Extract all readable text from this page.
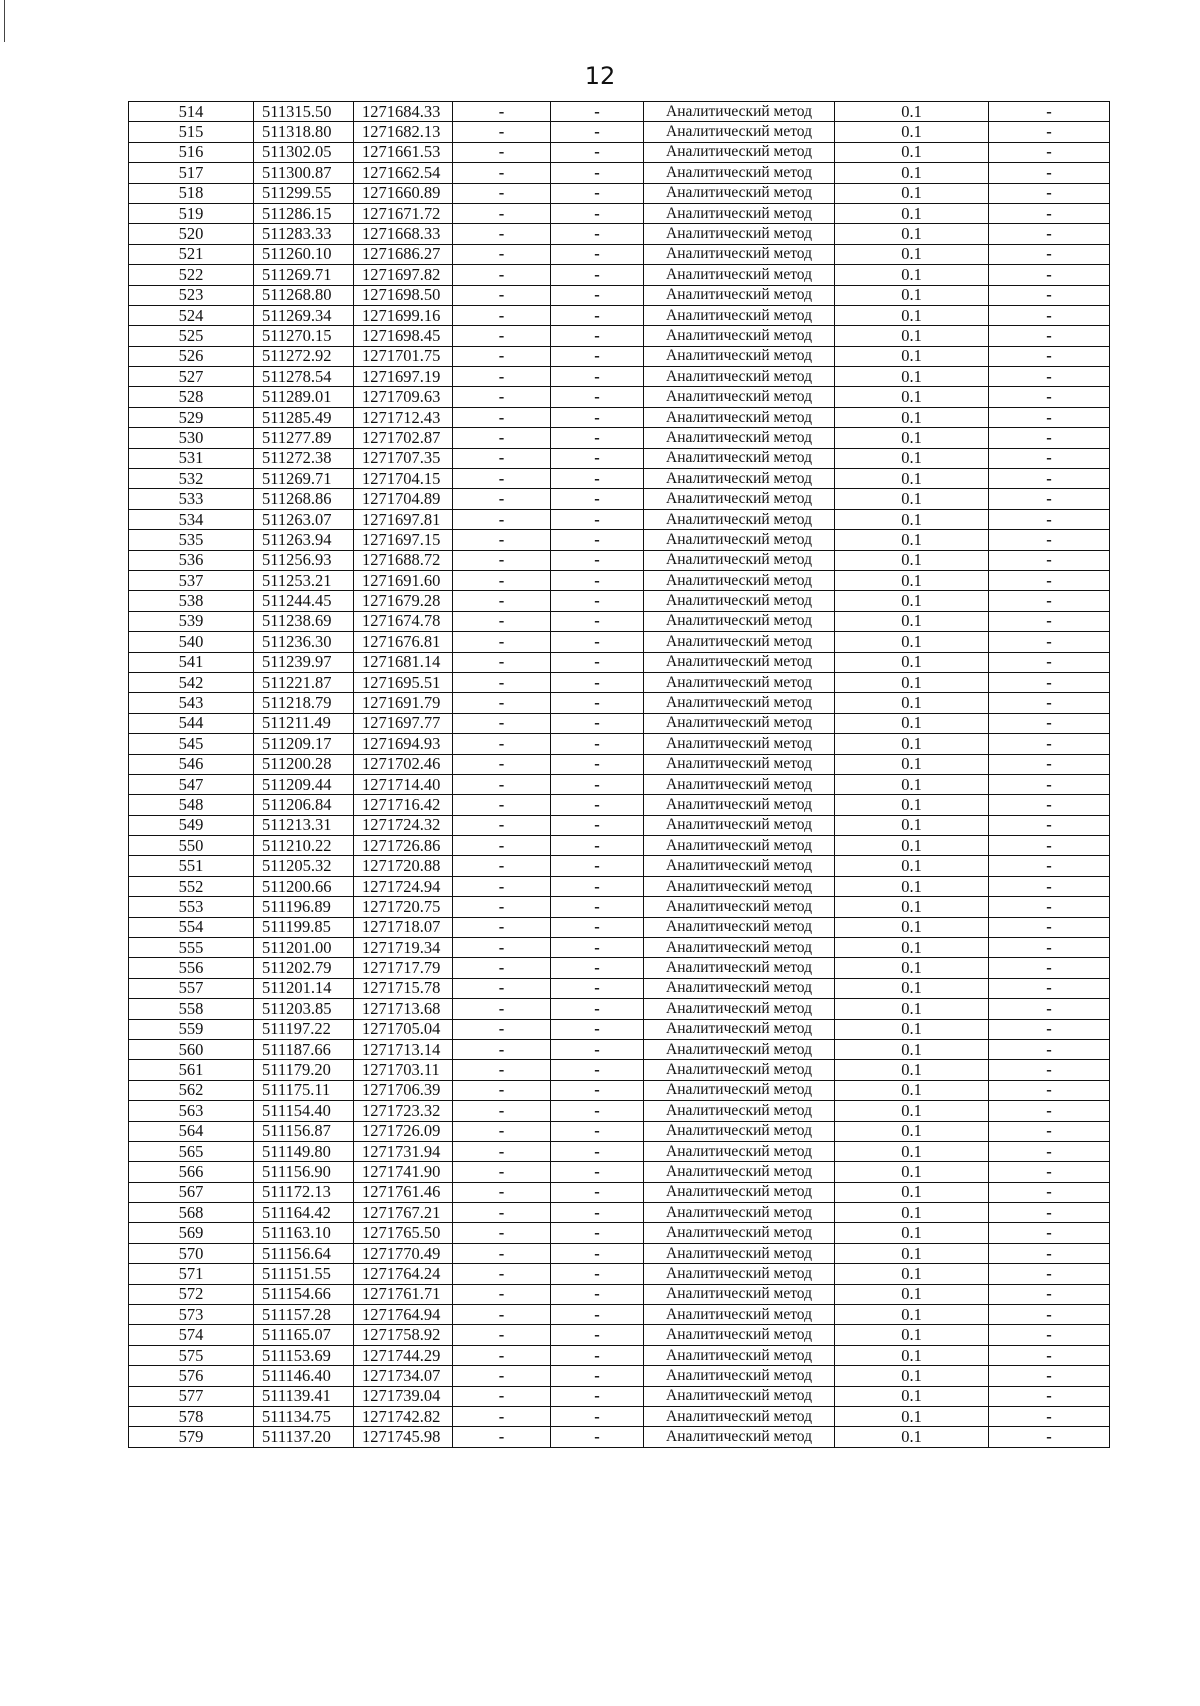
12
514	511315.50	1271684.33	-	-	Аналитический метод	0.1	-
515	511318.80	1271682.13	-	-	Аналитический метод	0.1	-
516	511302.05	1271661.53	-	-	Аналитический метод	0.1	-
517	511300.87	1271662.54	-	-	Аналитический метод	0.1	-
518	511299.55	1271660.89	-	-	Аналитический метод	0.1	-
519	511286.15	1271671.72	-	-	Аналитический метод	0.1	-
520	511283.33	1271668.33	-	-	Аналитический метод	0.1	-
521	511260.10	1271686.27	-	-	Аналитический метод	0.1	-
522	511269.71	1271697.82	-	-	Аналитический метод	0.1	-
523	511268.80	1271698.50	-	-	Аналитический метод	0.1	-
524	511269.34	1271699.16	-	-	Аналитический метод	0.1	-
525	511270.15	1271698.45	-	-	Аналитический метод	0.1	-
526	511272.92	1271701.75	-	-	Аналитический метод	0.1	-
527	511278.54	1271697.19	-	-	Аналитический метод	0.1	-
528	511289.01	1271709.63	-	-	Аналитический метод	0.1	-
529	511285.49	1271712.43	-	-	Аналитический метод	0.1	-
530	511277.89	1271702.87	-	-	Аналитический метод	0.1	-
531	511272.38	1271707.35	-	-	Аналитический метод	0.1	-
532	511269.71	1271704.15	-	-	Аналитический метод	0.1	-
533	511268.86	1271704.89	-	-	Аналитический метод	0.1	-
534	511263.07	1271697.81	-	-	Аналитический метод	0.1	-
535	511263.94	1271697.15	-	-	Аналитический метод	0.1	-
536	511256.93	1271688.72	-	-	Аналитический метод	0.1	-
537	511253.21	1271691.60	-	-	Аналитический метод	0.1	-
538	511244.45	1271679.28	-	-	Аналитический метод	0.1	-
539	511238.69	1271674.78	-	-	Аналитический метод	0.1	-
540	511236.30	1271676.81	-	-	Аналитический метод	0.1	-
541	511239.97	1271681.14	-	-	Аналитический метод	0.1	-
542	511221.87	1271695.51	-	-	Аналитический метод	0.1	-
543	511218.79	1271691.79	-	-	Аналитический метод	0.1	-
544	511211.49	1271697.77	-	-	Аналитический метод	0.1	-
545	511209.17	1271694.93	-	-	Аналитический метод	0.1	-
546	511200.28	1271702.46	-	-	Аналитический метод	0.1	-
547	511209.44	1271714.40	-	-	Аналитический метод	0.1	-
548	511206.84	1271716.42	-	-	Аналитический метод	0.1	-
549	511213.31	1271724.32	-	-	Аналитический метод	0.1	-
550	511210.22	1271726.86	-	-	Аналитический метод	0.1	-
551	511205.32	1271720.88	-	-	Аналитический метод	0.1	-
552	511200.66	1271724.94	-	-	Аналитический метод	0.1	-
553	511196.89	1271720.75	-	-	Аналитический метод	0.1	-
554	511199.85	1271718.07	-	-	Аналитический метод	0.1	-
555	511201.00	1271719.34	-	-	Аналитический метод	0.1	-
556	511202.79	1271717.79	-	-	Аналитический метод	0.1	-
557	511201.14	1271715.78	-	-	Аналитический метод	0.1	-
558	511203.85	1271713.68	-	-	Аналитический метод	0.1	-
559	511197.22	1271705.04	-	-	Аналитический метод	0.1	-
560	511187.66	1271713.14	-	-	Аналитический метод	0.1	-
561	511179.20	1271703.11	-	-	Аналитический метод	0.1	-
562	511175.11	1271706.39	-	-	Аналитический метод	0.1	-
563	511154.40	1271723.32	-	-	Аналитический метод	0.1	-
564	511156.87	1271726.09	-	-	Аналитический метод	0.1	-
565	511149.80	1271731.94	-	-	Аналитический метод	0.1	-
566	511156.90	1271741.90	-	-	Аналитический метод	0.1	-
567	511172.13	1271761.46	-	-	Аналитический метод	0.1	-
568	511164.42	1271767.21	-	-	Аналитический метод	0.1	-
569	511163.10	1271765.50	-	-	Аналитический метод	0.1	-
570	511156.64	1271770.49	-	-	Аналитический метод	0.1	-
571	511151.55	1271764.24	-	-	Аналитический метод	0.1	-
572	511154.66	1271761.71	-	-	Аналитический метод	0.1	-
573	511157.28	1271764.94	-	-	Аналитический метод	0.1	-
574	511165.07	1271758.92	-	-	Аналитический метод	0.1	-
575	511153.69	1271744.29	-	-	Аналитический метод	0.1	-
576	511146.40	1271734.07	-	-	Аналитический метод	0.1	-
577	511139.41	1271739.04	-	-	Аналитический метод	0.1	-
578	511134.75	1271742.82	-	-	Аналитический метод	0.1	-
579	511137.20	1271745.98	-	-	Аналитический метод	0.1	-
